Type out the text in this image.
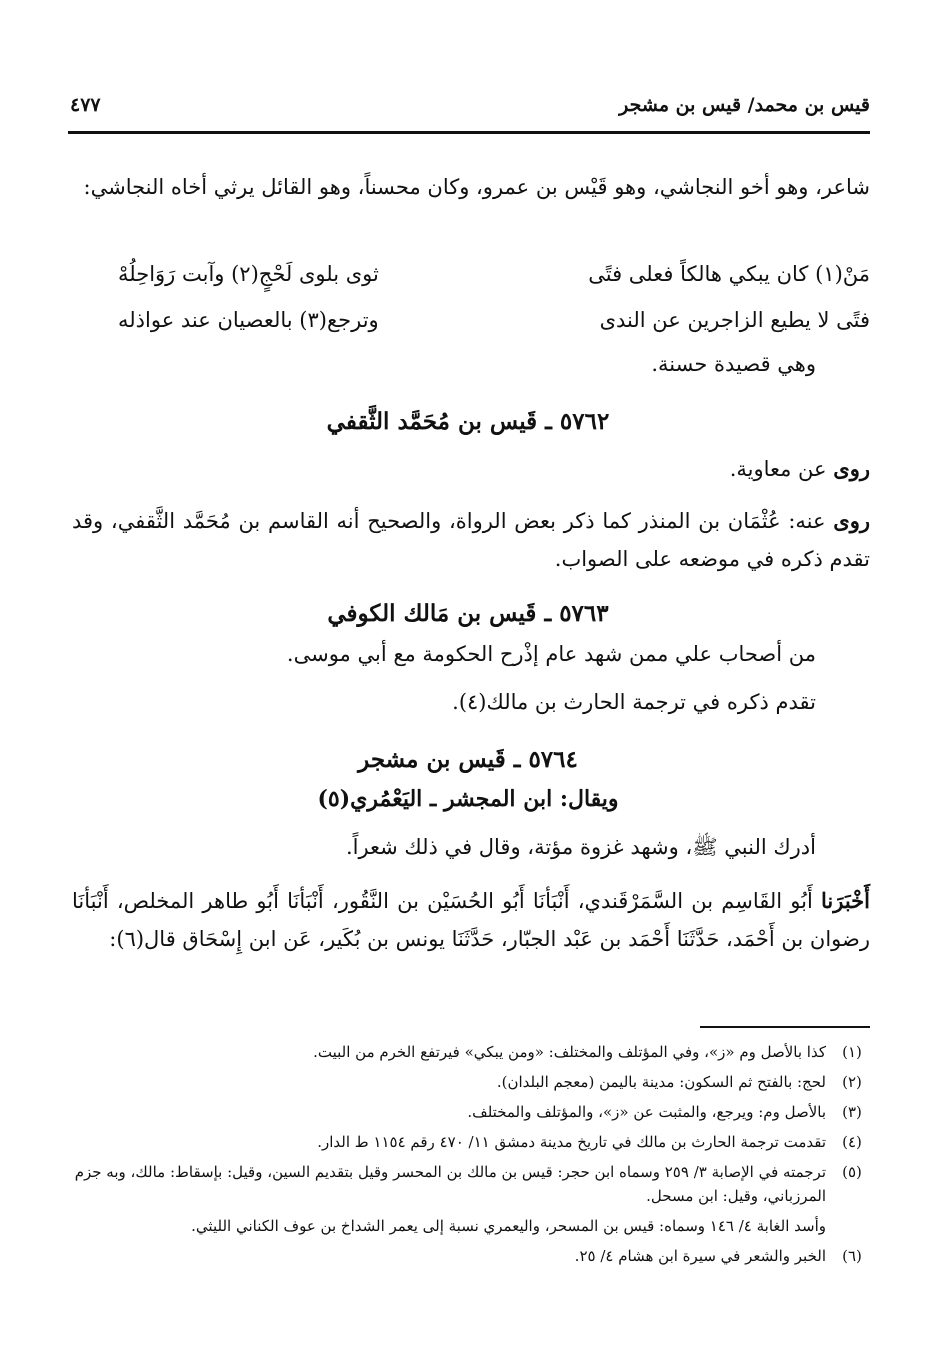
قيس بن محمد/ قيس بن مشجر
٤٧٧
شاعر، وهو أخو النجاشي، وهو قَيْس بن عمرو، وكان محسناً، وهو القائل يرثي أخاه النجاشي:
مَنْ(١) كان يبكي هالكاً فعلى فتًى
ثوى بلوى لَحْجٍ(٢) وآبت رَوَاحِلُهْ
فتًى لا يطيع الزاجرين عن الندى
وترجع(٣) بالعصيان عند عواذله
وهي قصيدة حسنة.
٥٧٦٢ ـ قَيس بن مُحَمَّد الثَّقفي
روى عن معاوية.
روى عنه: عُثْمَان بن المنذر كما ذكر بعض الرواة، والصحيح أنه القاسم بن مُحَمَّد الثَّقفي، وقد تقدم ذكره في موضعه على الصواب.
٥٧٦٣ ـ قَيس بن مَالك الكوفي
من أصحاب علي ممن شهد عام إذْرح الحكومة مع أبي موسى.
تقدم ذكره في ترجمة الحارث بن مالك(٤).
٥٧٦٤ ـ قَيس بن مشجر
ويقال: ابن المجشر ـ اليَعْمُري(٥)
أدرك النبي ﷺ، وشهد غزوة مؤتة، وقال في ذلك شعراً.
أَخْبَرَنا أَبُو القَاسِم بن السَّمَرْقَندي، أَنْبَأنَا أَبُو الحُسَيْن بن النَّقُور، أَنْبَأنَا أَبُو طاهر المخلص، أَنْبَأنَا رضوان بن أَحْمَد، حَدَّثَنَا أَحْمَد بن عَبْد الجبّار، حَدَّثَنَا يونس بن بُكَير، عَن ابن إِسْحَاق قال(٦):
(١)
كذا بالأصل وم «ز»، وفي المؤتلف والمختلف: «ومن يبكي» فيرتفع الخرم من البيت.
(٢)
لحج: بالفتح ثم السكون: مدينة باليمن (معجم البلدان).
(٣)
بالأصل وم: ويرجع، والمثبت عن «ز»، والمؤتلف والمختلف.
(٤)
تقدمت ترجمة الحارث بن مالك في تاريخ مدينة دمشق ١١/ ٤٧٠ رقم ١١٥٤ ط الدار.
(٥)
ترجمته في الإصابة ٣/ ٢٥٩ وسماه ابن حجر: قيس بن مالك بن المحسر وقيل بتقديم السين، وقيل: بإسقاط: مالك، وبه جزم المرزباني، وقيل: ابن مسحل.
وأسد الغابة ٤/ ١٤٦ وسماه: قيس بن المسحر، واليعمري نسبة إلى يعمر الشداخ بن عوف الكناني الليثي.
(٦)
الخبر والشعر في سيرة ابن هشام ٤/ ٢٥.
